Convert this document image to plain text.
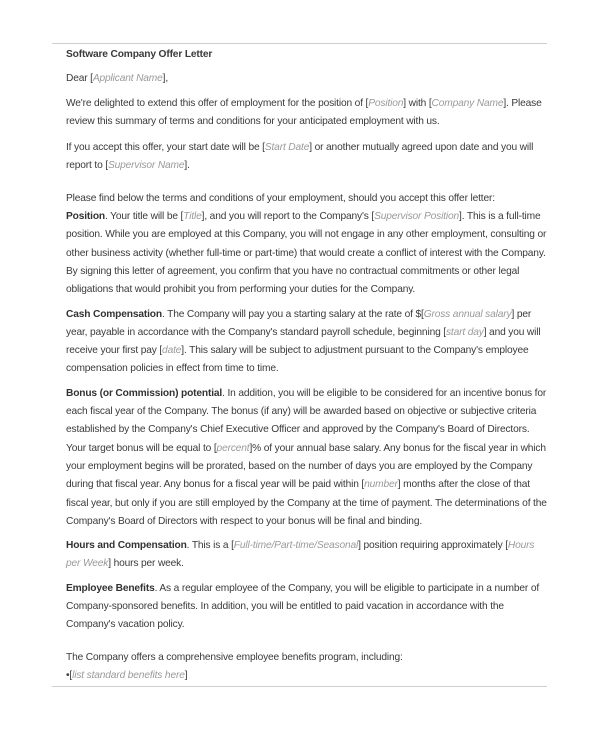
Software Company Offer Letter

Dear [Applicant Name],

We're delighted to extend this offer of employment for the position of [Position] with [Company Name]. Please review this summary of terms and conditions for your anticipated employment with us.

If you accept this offer, your start date will be [Start Date] or another mutually agreed upon date and you will report to [Supervisor Name].

Please find below the terms and conditions of your employment, should you accept this offer letter:

Position. Your title will be [Title], and you will report to the Company's [Supervisor Position]. This is a full-time position. While you are employed at this Company, you will not engage in any other employment, consulting or other business activity (whether full-time or part-time) that would create a conflict of interest with the Company. By signing this letter of agreement, you confirm that you have no contractual commitments or other legal obligations that would prohibit you from performing your duties for the Company.

Cash Compensation. The Company will pay you a starting salary at the rate of $[Gross annual salary] per year, payable in accordance with the Company's standard payroll schedule, beginning [start day] and you will receive your first pay [date]. This salary will be subject to adjustment pursuant to the Company's employee compensation policies in effect from time to time.

Bonus (or Commission) potential. In addition, you will be eligible to be considered for an incentive bonus for each fiscal year of the Company. The bonus (if any) will be awarded based on objective or subjective criteria established by the Company's Chief Executive Officer and approved by the Company's Board of Directors. Your target bonus will be equal to [percent]% of your annual base salary. Any bonus for the fiscal year in which your employment begins will be prorated, based on the number of days you are employed by the Company during that fiscal year. Any bonus for a fiscal year will be paid within [number] months after the close of that fiscal year, but only if you are still employed by the Company at the time of payment. The determinations of the Company's Board of Directors with respect to your bonus will be final and binding.

Hours and Compensation. This is a [Full-time/Part-time/Seasonal] position requiring approximately [Hours per Week] hours per week.

Employee Benefits. As a regular employee of the Company, you will be eligible to participate in a number of Company-sponsored benefits. In addition, you will be entitled to paid vacation in accordance with the Company's vacation policy.

The Company offers a comprehensive employee benefits program, including:

•[list standard benefits here]
